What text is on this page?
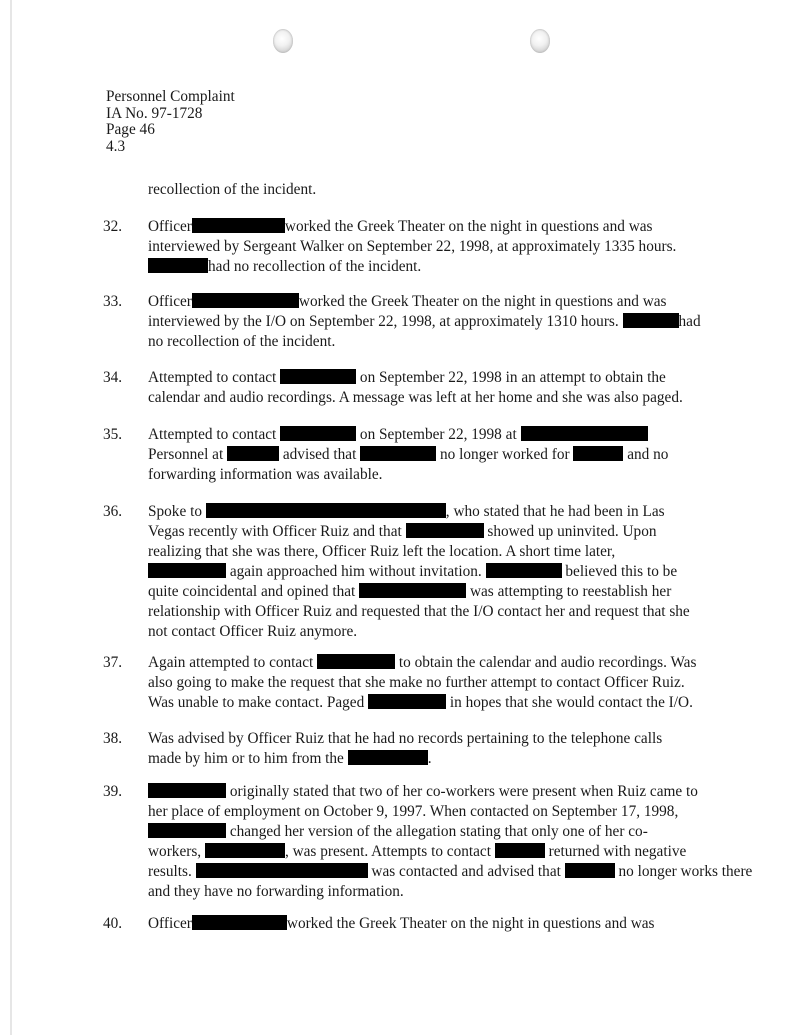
Personnel Complaint
IA No. 97-1728
Page 46
4.3
recollection of the incident.
32. Officer	worked the Greek Theater on the night in questions and was
interviewed by Sergeant Walker on September 22, 1998, at approximately 1335 hours.
had no recollection of the incident.
33. Officer	worked the Greek Theater on the night in questions and was
interviewed by the I/O on September 22, 1998, at approximately 1310 hours.	had
no recollection of the incident.
34. Attempted to contact	on September 22, 1998 in an attempt to obtain the
calendar and audio recordings. A message was left at her home and she was also paged.
35. Attempted to contact	on September 22, 1998 at
Personnel at	advised that	no longer worked for	and no
forwarding information was available.
36. Spoke to	, who stated that he had been in Las
Vegas recently with Officer Ruiz and that	showed up uninvited. Upon
realizing that she was there, Officer Ruiz left the location. A short time later,
again approached him without invitation.	believed this to be
quite coincidental and opined that	was attempting to reestablish her
relationship with Officer Ruiz and requested that the I/O contact her and request that she
not contact Officer Ruiz anymore.
37. Again attempted to contact	to obtain the calendar and audio recordings. Was
also going to make the request that she make no further attempt to contact Officer Ruiz.
Was unable to make contact. Paged	in hopes that she would contact the I/O.
38. Was advised by Officer Ruiz that he had no records pertaining to the telephone calls
made by him or to him from the	.
39.	originally stated that two of her co-workers were present when Ruiz came to
her place of employment on October 9, 1997. When contacted on September 17, 1998,
changed her version of the allegation stating that only one of her co-
workers,	, was present. Attempts to contact	returned with negative
results.	was contacted and advised that	no longer works there
and they have no forwarding information.
40. Officer	worked the Greek Theater on the night in questions and was
